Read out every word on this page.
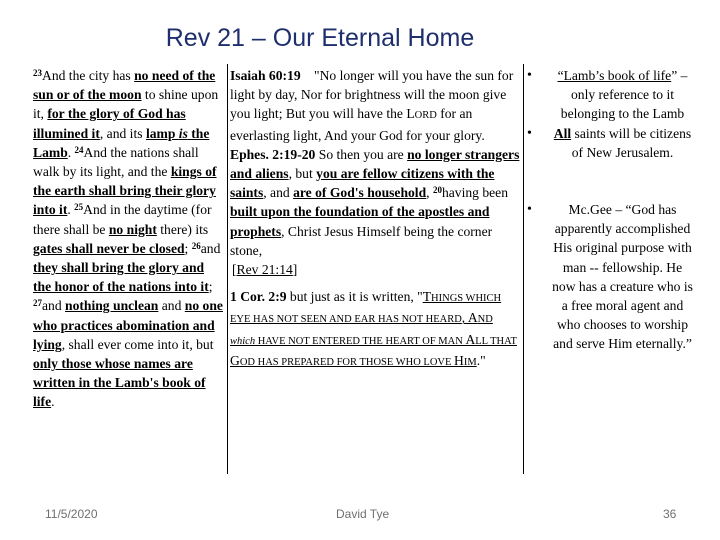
Rev 21 – Our Eternal Home
$^{23}$And the city has no need of the sun or of the moon to shine upon it, for the glory of God has illumined it, and its lamp is the Lamb. $^{24}$And the nations shall walk by its light, and the kings of the earth shall bring their glory into it. $^{25}$And in the daytime (for there shall be no night there) its gates shall never be closed; $^{26}$and they shall bring the glory and the honor of the nations into it; $^{27}$and nothing unclean and no one who practices abomination and lying, shall ever come into it, but only those whose names are written in the Lamb's book of life.
Isaiah 60:19 "No longer will you have the sun for light by day, Nor for brightness will the moon give you light; But you will have the LORD for an everlasting light, And your God for your glory.
Ephes. 2:19-20 So then you are no longer strangers and aliens, but you are fellow citizens with the saints, and are of God's household, $^{20}$having been built upon the foundation of the apostles and prophets, Christ Jesus Himself being the corner stone,
[Rev 21:14]
1 Cor. 2:9 but just as it is written, "THINGS WHICH EYE HAS NOT SEEN AND EAR HAS NOT HEARD, AND which HAVE NOT ENTERED THE HEART OF MAN ALL THAT GOD HAS PREPARED FOR THOSE WHO LOVE HIM."
• “Lamb’s book of life” – only reference to it belonging to the Lamb
• All saints will be citizens of New Jerusalem.
• Mc.Gee – “God has apparently accomplished His original purpose with man -- fellowship. He now has a creature who is a free moral agent and who chooses to worship and serve Him eternally.”
11/5/2020	David Tye	36
